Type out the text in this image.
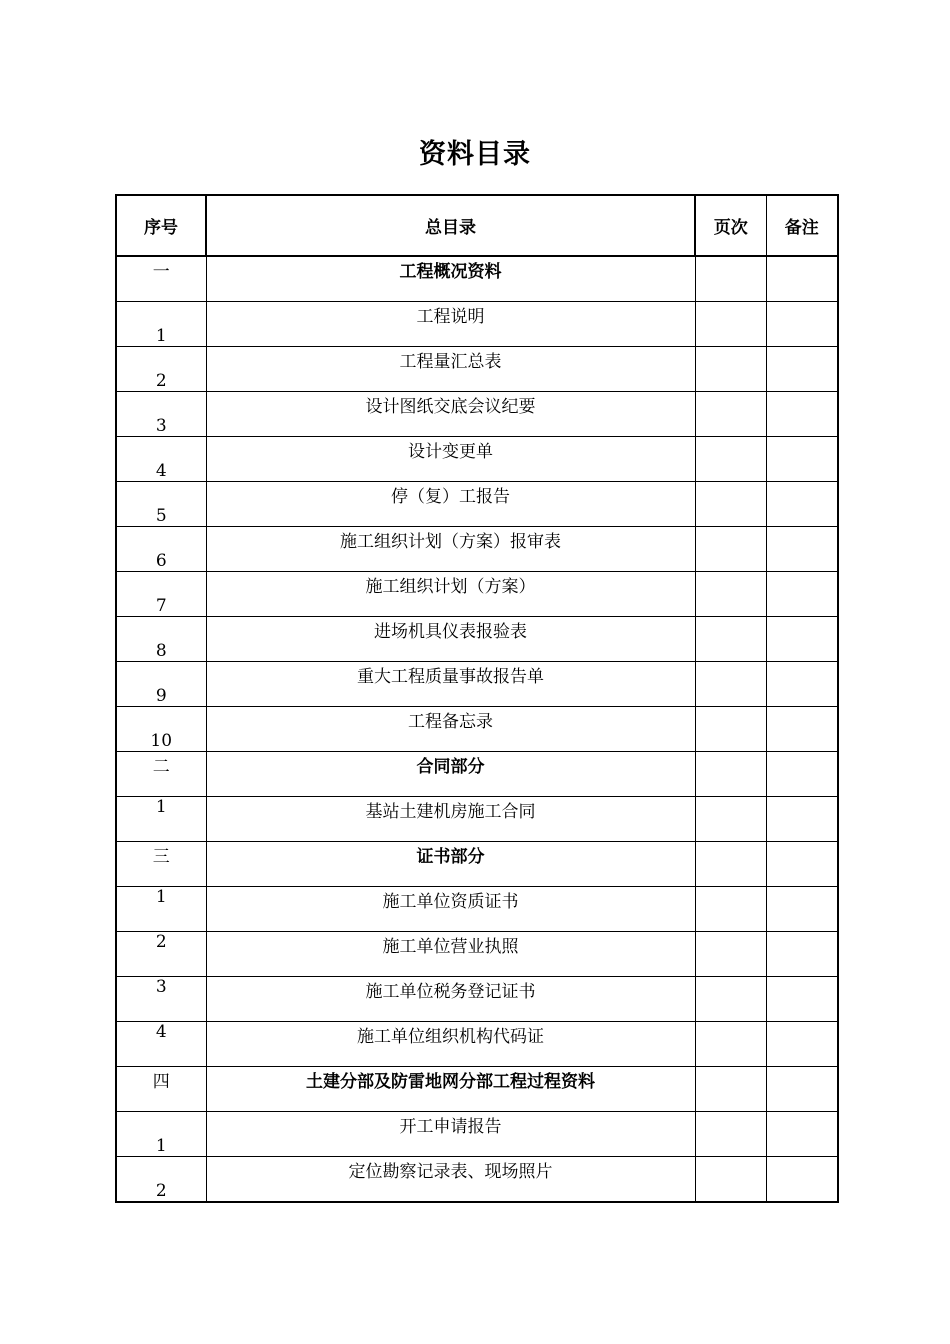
资料目录
序号	总目录	页次	备注
一	工程概况资料		
1	工程说明		
2	工程量汇总表		
3	设计图纸交底会议纪要		
4	设计变更单		
5	停（复）工报告		
6	施工组织计划（方案）报审表		
7	施工组织计划（方案）		
8	进场机具仪表报验表		
9	重大工程质量事故报告单		
10	工程备忘录		
二	合同部分		
1	基站土建机房施工合同		
三	证书部分		
1	施工单位资质证书		
2	施工单位营业执照		
3	施工单位税务登记证书		
4	施工单位组织机构代码证		
四	土建分部及防雷地网分部工程过程资料		
1	开工申请报告		
2	定位勘察记录表、现场照片		
